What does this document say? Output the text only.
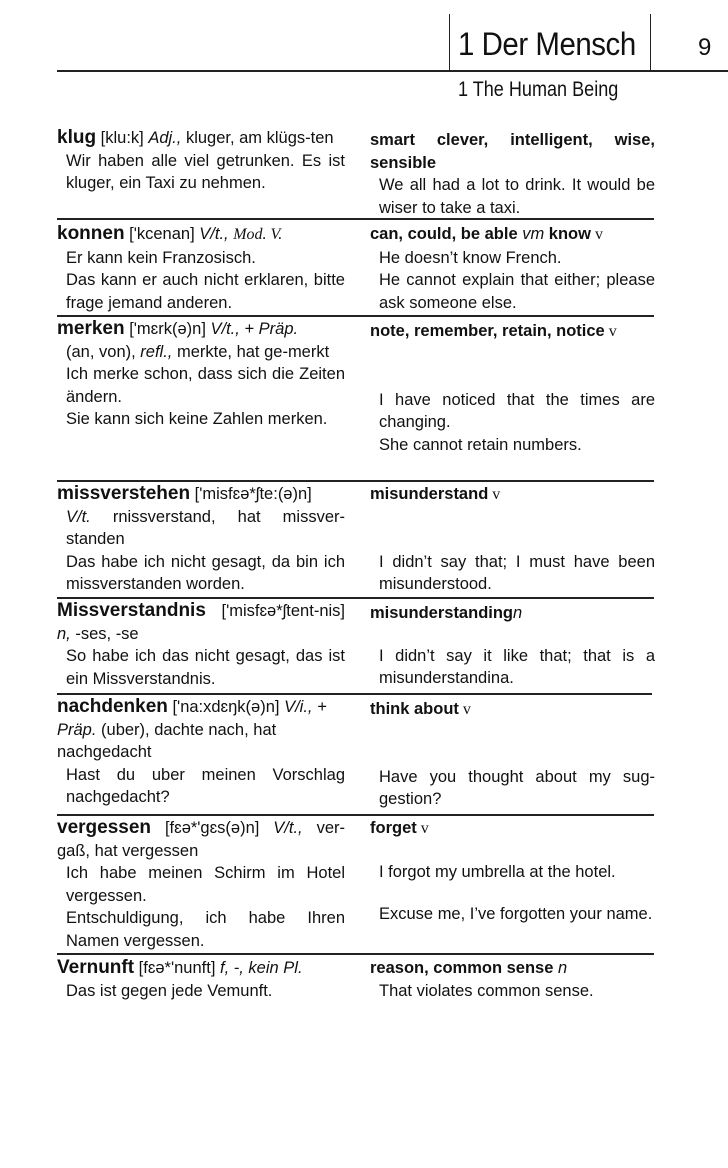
1 Der Mensch	9
1 The Human Being

klug [klu:k] Adj., kluger, am klügs-ten

Wir haben alle viel getrunken. Es ist kluger, ein Taxi zu nehmen.

smart clever, intelligent, wise, sensible

We all had a lot to drink. It would be wiser to take a taxi.

konnen ['kcenan] V/t., Mod. V.

Er kann kein Franzosisch.

Das kann er auch nicht erklaren, bitte frage jemand anderen.

can, could, be able vm know v

He doesn’t know French.

He cannot explain that either; please ask someone else.

merken ['mɛrk(ə)n] V/t., + Präp.

(an, von), refl., merkte, hat ge-merkt

Ich merke schon, dass sich die Zeiten ändern.

Sie kann sich keine Zahlen merken.

note, remember, retain, notice v

I have noticed that the times are changing.

She cannot retain numbers.

missverstehen ['misfɛə*ʃte:(ə)n]

V/t. rnissverstand, hat missver-standen

Das habe ich nicht gesagt, da bin ich missverstanden worden.

misunderstand v

I didn’t say that; I must have been misunderstood.

Missverstandnis ['misfɛə*ʃtent-nis] n, -ses, -se

So habe ich das nicht gesagt, das ist ein Missverstandnis.

misunderstandingn

I didn’t say it like that; that is a misunderstandina.

nachdenken ['na:xdɛŋk(ə)n] V/i., + Präp. (uber), dachte nach, hat nachgedacht

Hast du uber meinen Vorschlag nachgedacht?

think about v

Have you thought about my sug-gestion?

vergessen [fɛə*'gɛs(ə)n] V/t., ver-gaß, hat vergessen

Ich habe meinen Schirm im Hotel vergessen.

Entschuldigung, ich habe Ihren Namen vergessen.

forget v

I forgot my umbrella at the hotel.

Excuse me, I’ve forgotten your name.

Vernunft [fɛə*'nunft] f, -, kein Pl.

Das ist gegen jede Vemunft.

reason, common sense n

That violates common sense.
